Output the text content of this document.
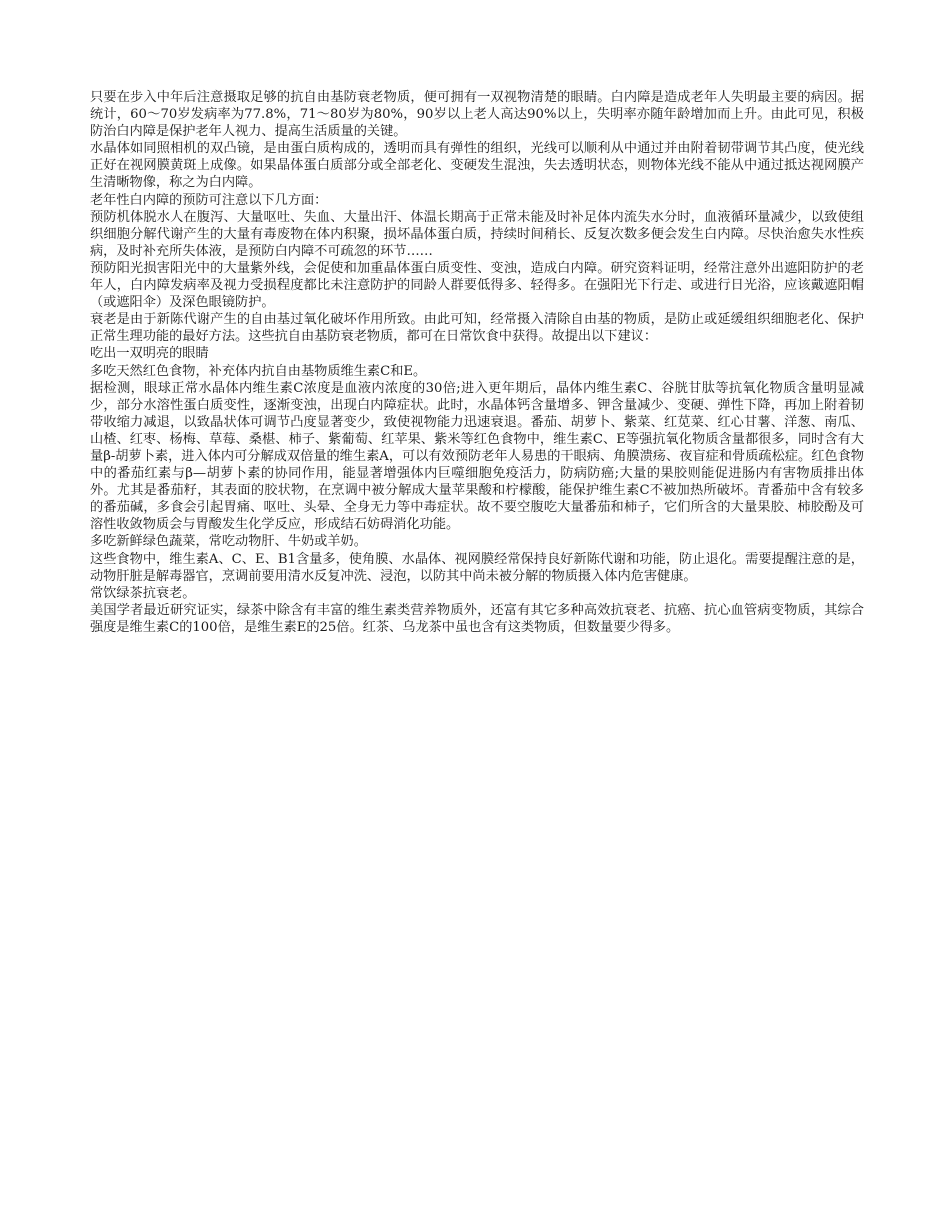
只要在步入中年后注意摄取足够的抗自由基防衰老物质，便可拥有一双视物清楚的眼睛。白内障是造成老年人失明最主要的病因。据统计，60～70岁发病率为77.8%，71～80岁为80%，90岁以上老人高达90%以上，失明率亦随年龄增加而上升。由此可见，积极防治白内障是保护老年人视力、提高生活质量的关键。

水晶体如同照相机的双凸镜，是由蛋白质构成的，透明而具有弹性的组织，光线可以顺利从中通过并由附着韧带调节其凸度，使光线正好在视网膜黄斑上成像。如果晶体蛋白质部分或全部老化、变硬发生混浊，失去透明状态，则物体光线不能从中通过抵达视网膜产生清晰物像，称之为白内障。

老年性白内障的预防可注意以下几方面：

预防机体脱水人在腹泻、大量呕吐、失血、大量出汗、体温长期高于正常未能及时补足体内流失水分时，血液循环量减少，以致使组织细胞分解代谢产生的大量有毒废物在体内积聚，损坏晶体蛋白质，持续时间稍长、反复次数多便会发生白内障。尽快治愈失水性疾病，及时补充所失体液，是预防白内障不可疏忽的环节……

预防阳光损害阳光中的大量紫外线，会促使和加重晶体蛋白质变性、变浊，造成白内障。研究资料证明，经常注意外出遮阳防护的老年人，白内障发病率及视力受损程度都比未注意防护的同龄人群要低得多、轻得多。在强阳光下行走、或进行日光浴，应该戴遮阳帽（或遮阳伞）及深色眼镜防护。

衰老是由于新陈代谢产生的自由基过氧化破坏作用所致。由此可知，经常摄入清除自由基的物质，是防止或延缓组织细胞老化、保护正常生理功能的最好方法。这些抗自由基防衰老物质，都可在日常饮食中获得。故提出以下建议：

吃出一双明亮的眼睛

多吃天然红色食物，补充体内抗自由基物质维生素C和E。

据检测，眼球正常水晶体内维生素C浓度是血液内浓度的30倍;进入更年期后，晶体内维生素C、谷胱甘肽等抗氧化物质含量明显减少，部分水溶性蛋白质变性，逐渐变浊，出现白内障症状。此时，水晶体钙含量增多、钾含量减少、变硬、弹性下降，再加上附着韧带收缩力减退，以致晶状体可调节凸度显著变少，致使视物能力迅速衰退。番茄、胡萝卜、紫菜、红苋菜、红心甘薯、洋葱、南瓜、山楂、红枣、杨梅、草莓、桑椹、柿子、紫葡萄、红苹果、紫米等红色食物中，维生素C、E等强抗氧化物质含量都很多，同时含有大量β-胡萝卜素，进入体内可分解成双倍量的维生素A，可以有效预防老年人易患的干眼病、角膜溃疡、夜盲症和骨质疏松症。红色食物中的番茄红素与β—胡萝卜素的协同作用，能显著增强体内巨噬细胞免疫活力，防病防癌;大量的果胶则能促进肠内有害物质排出体外。尤其是番茄籽，其表面的胶状物，在烹调中被分解成大量苹果酸和柠檬酸，能保护维生素C不被加热所破坏。青番茄中含有较多的番茄碱，多食会引起胃痛、呕吐、头晕、全身无力等中毒症状。故不要空腹吃大量番茄和柿子，它们所含的大量果胶、柿胶酚及可溶性收敛物质会与胃酸发生化学反应，形成结石妨碍消化功能。

多吃新鲜绿色蔬菜，常吃动物肝、牛奶或羊奶。

这些食物中，维生素A、C、E、B1含量多，使角膜、水晶体、视网膜经常保持良好新陈代谢和功能，防止退化。需要提醒注意的是，动物肝脏是解毒器官，烹调前要用清水反复冲洗、浸泡，以防其中尚未被分解的物质摄入体内危害健康。

常饮绿茶抗衰老。

美国学者最近研究证实，绿茶中除含有丰富的维生素类营养物质外，还富有其它多种高效抗衰老、抗癌、抗心血管病变物质，其综合强度是维生素C的100倍，是维生素E的25倍。红茶、乌龙茶中虽也含有这类物质，但数量要少得多。
